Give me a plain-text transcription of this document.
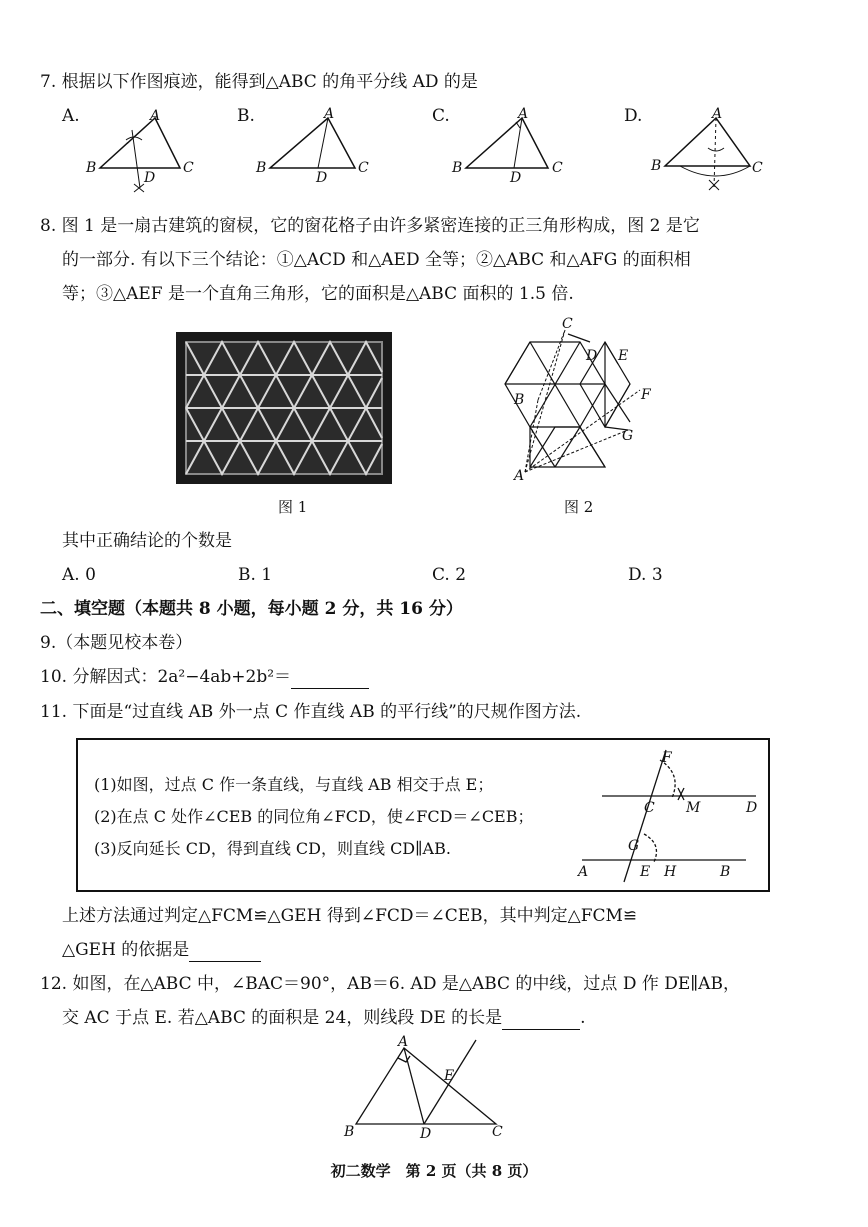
7. 根据以下作图痕迹，能得到△ABC 的角平分线 AD 的是
A.	B.	C.	D.
A
B	C
D
A
B	C
D
A
B	C
D
A
B	C
8. 图 1 是一扇古建筑的窗棂，它的窗花格子由许多紧密连接的正三角形构成，图 2 是它
的一部分. 有以下三个结论：①△ACD 和△AED 全等；②△ABC 和△AFG 的面积相
等；③△AEF 是一个直角三角形，它的面积是△ABC 面积的 1.5 倍.
图 1
C
D E
F
B
G
A
图 2
其中正确结论的个数是
A. 0	B. 1	C. 2	D. 3
二、填空题（本题共 8 小题，每小题 2 分，共 16 分）
9.（本题见校本卷）
10. 分解因式：2a²−4ab+2b²＝
11. 下面是“过直线 AB 外一点 C 作直线 AB 的平行线”的尺规作图方法.
(1)如图，过点 C 作一条直线，与直线 AB 相交于点 E；
(2)在点 C 处作∠CEB 的同位角∠FCD，使∠FCD＝∠CEB；
(3)反向延长 CD，得到直线 CD，则直线 CD∥AB.
F
C M	D
G
A	E H	B
上述方法通过判定△FCM≌△GEH 得到∠FCD＝∠CEB，其中判定△FCM≌
△GEH 的依据是
12. 如图，在△ABC 中，∠BAC＝90°，AB＝6. AD 是△ABC 的中线，过点 D 作 DE∥AB，
交 AC 于点 E. 若△ABC 的面积是 24，则线段 DE 的长是	.
A
E
B	D	C
初二数学　第 2 页（共 8 页）
